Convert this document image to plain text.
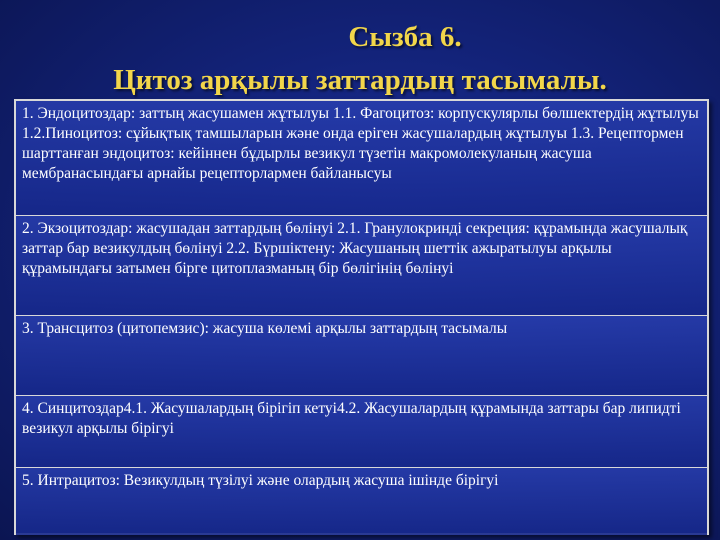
Сызба 6.
Цитоз арқылы заттардың тасымалы.
1. Эндоцитоздар: заттың жасушамен жұтылуы 1.1. Фагоцитоз: корпускулярлы бөлшектердің жұтылуы 1.2.Пиноцитоз: сұйықтық тамшыларын және онда еріген жасушалардың жұтылуы 1.3. Рецептормен шарттанған эндоцитоз: кейіннен бұдырлы везикул түзетін макромолекуланың жасуша мембранасындағы арнайы рецепторлармен байланысуы
2. Экзоцитоздар: жасушадан заттардың бөлінуі 2.1. Гранулокринді секреция: құрамында жасушалық заттар бар везикулдың бөлінуі 2.2. Бүршіктену: Жасушаның шеттік ажыратылуы арқылы құрамындағы затымен бірге цитоплазманың бір бөлігінің бөлінуі
3. Трансцитоз (цитопемзис): жасуша көлемі арқылы заттардың тасымалы
4. Синцитоздар4.1. Жасушалардың бірігіп кетуі4.2. Жасушалардың құрамында заттары бар липидті везикул арқылы бірігуі
5. Интрацитоз: Везикулдың түзілуі және олардың жасуша ішінде бірігуі
